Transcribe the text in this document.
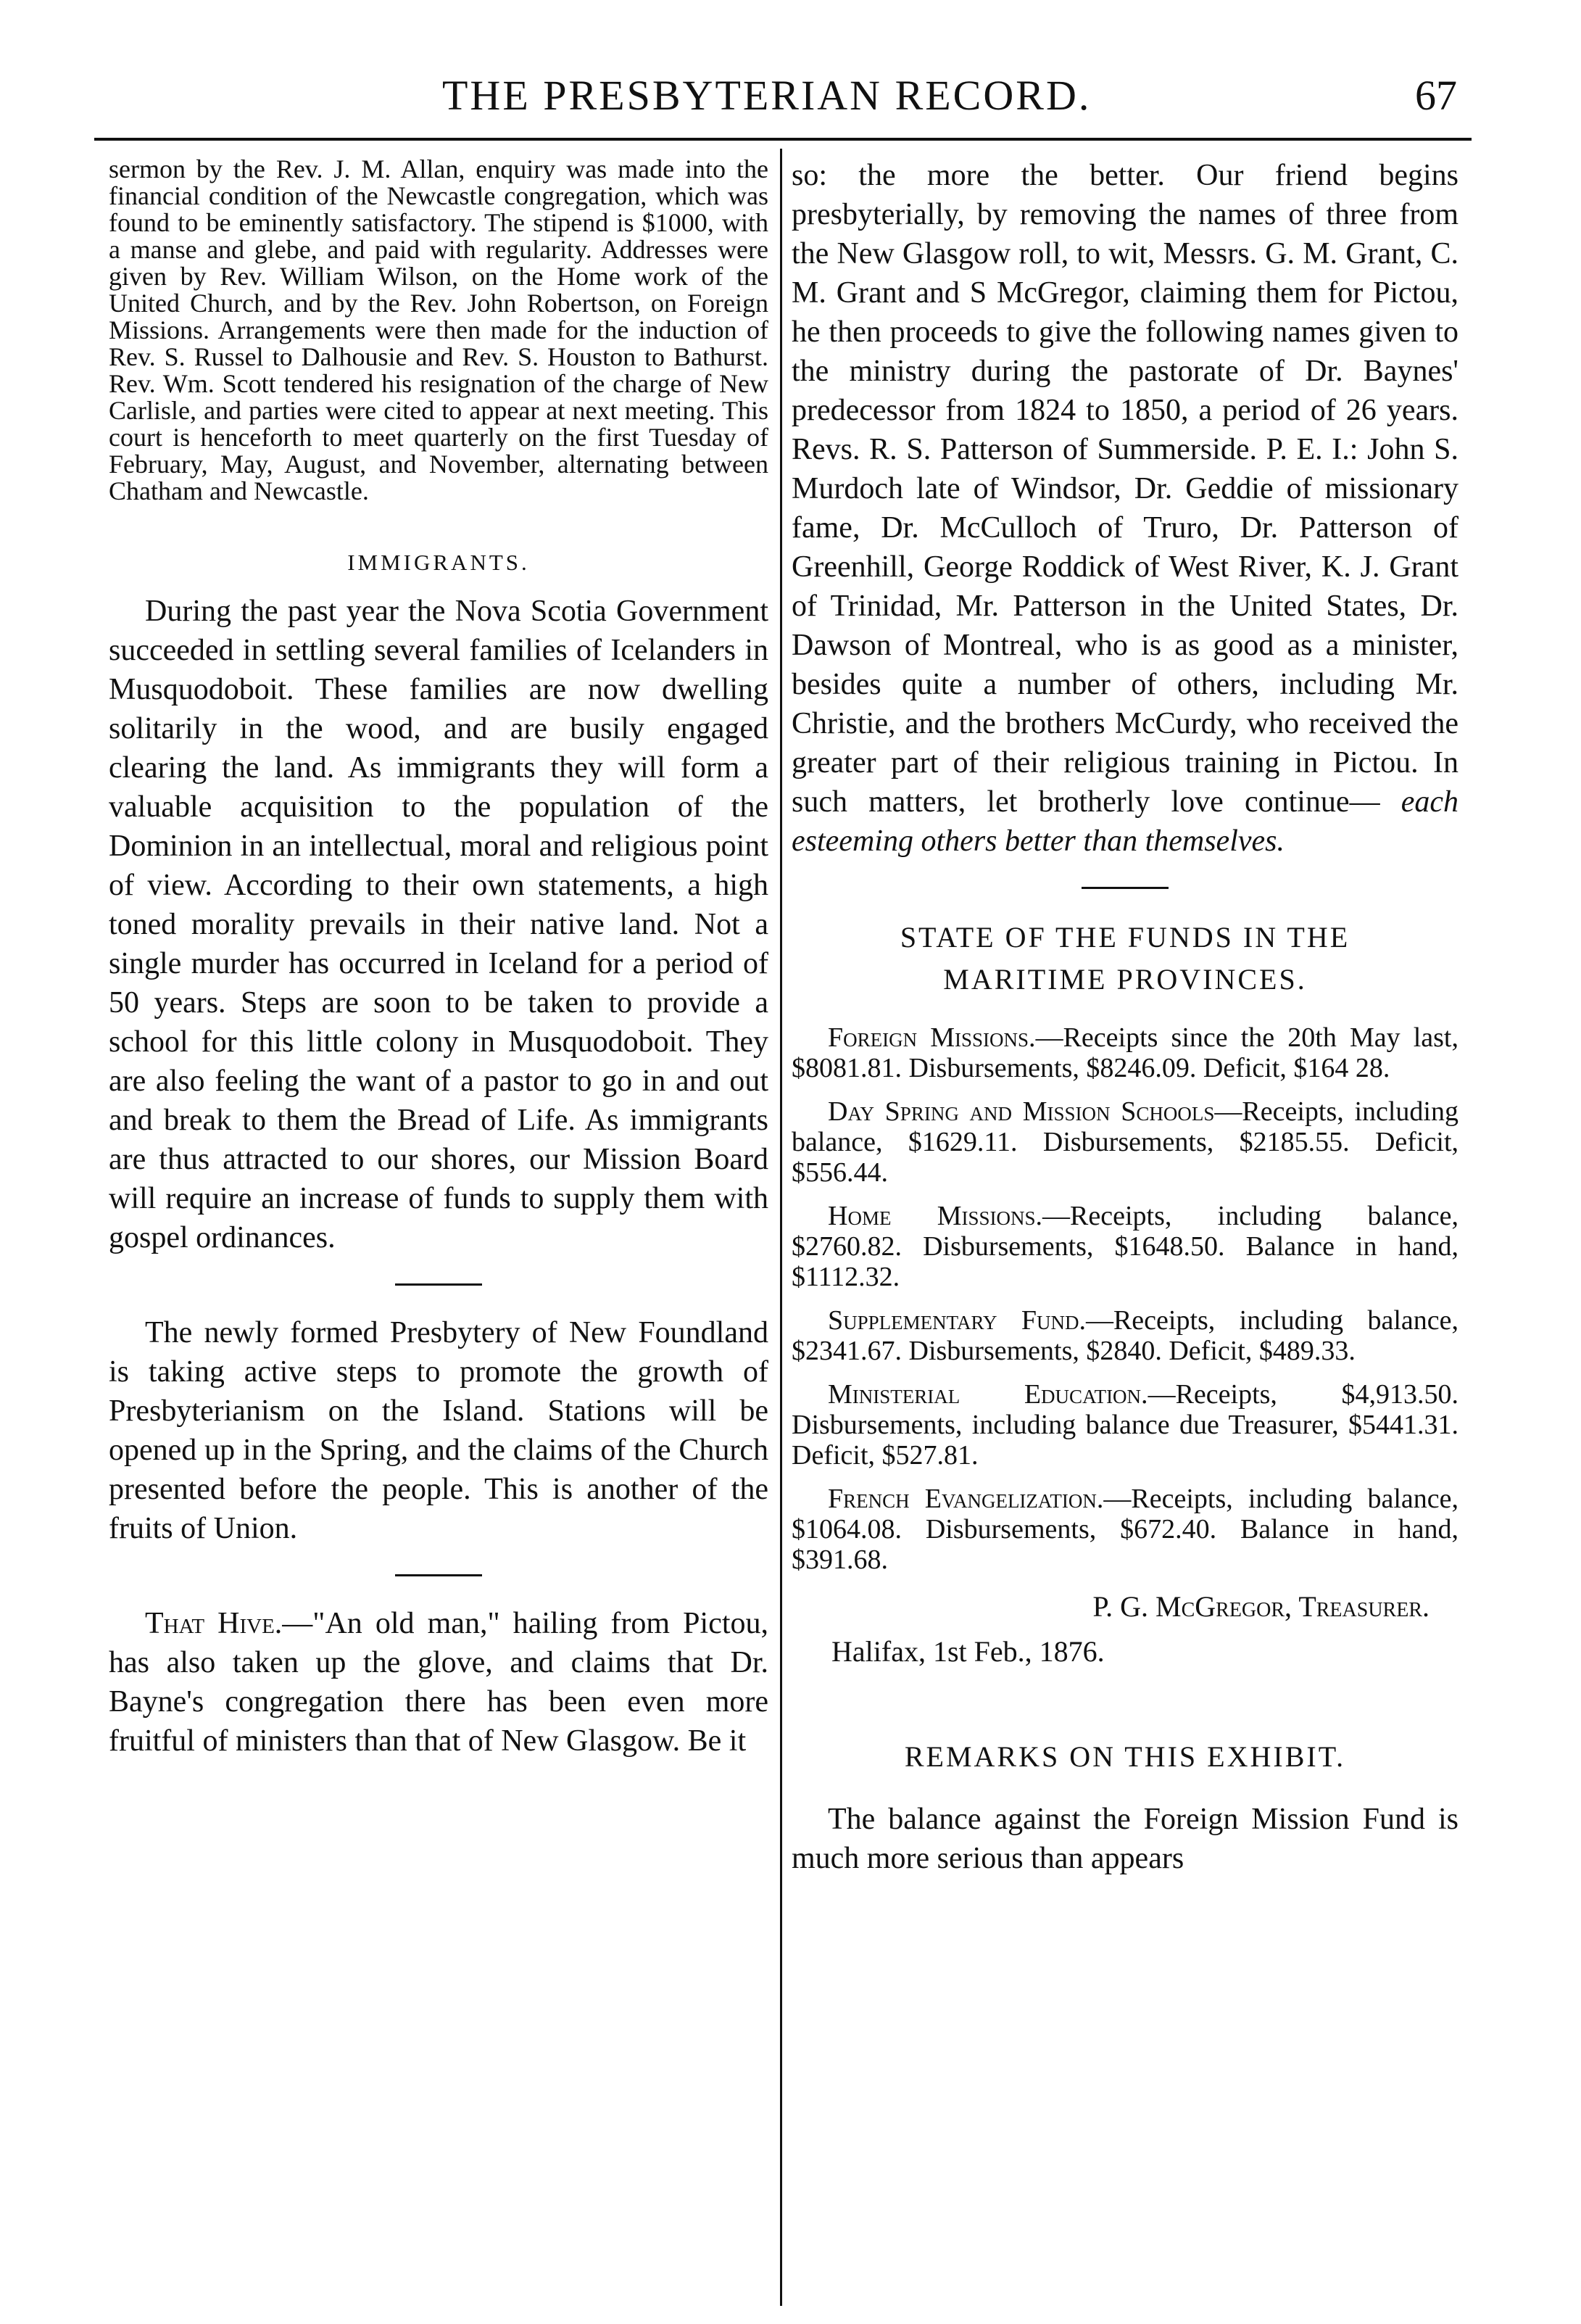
THE PRESBYTERIAN RECORD.	67

sermon by the Rev. J. M. Allan, enquiry was made into the financial condition of the Newcastle congregation, which was found to be eminently satisfactory. The stipend is $1000, with a manse and glebe, and paid with regularity. Addresses were given by Rev. William Wilson, on the Home work of the United Church, and by the Rev. John Robertson, on Foreign Missions. Arrangements were then made for the induction of Rev. S. Russel to Dalhousie and Rev. S. Houston to Bathurst. Rev. Wm. Scott tendered his resignation of the charge of New Carlisle, and parties were cited to appear at next meeting. This court is henceforth to meet quarterly on the first Tuesday of February, May, August, and November, alternating between Chatham and Newcastle.

IMMIGRANTS.

During the past year the Nova Scotia Government succeeded in settling several families of Icelanders in Musquodoboit. These families are now dwelling solitarily in the wood, and are busily engaged clearing the land. As immigrants they will form a valuable acquisition to the population of the Dominion in an intellectual, moral and religious point of view. According to their own statements, a high toned morality prevails in their native land. Not a single murder has occurred in Iceland for a period of 50 years. Steps are soon to be taken to provide a school for this little colony in Musquodoboit. They are also feeling the want of a pastor to go in and out and break to them the Bread of Life. As immigrants are thus attracted to our shores, our Mission Board will require an increase of funds to supply them with gospel ordinances.

The newly formed Presbytery of New Foundland is taking active steps to promote the growth of Presbyterianism on the Island. Stations will be opened up in the Spring, and the claims of the Church presented before the people. This is another of the fruits of Union.

That Hive.—"An old man," hailing from Pictou, has also taken up the glove, and claims that Dr. Bayne's congregation there has been even more fruitful of ministers than that of New Glasgow. Be it

so: the more the better. Our friend begins presbyterially, by removing the names of three from the New Glasgow roll, to wit, Messrs. G. M. Grant, C. M. Grant and S McGregor, claiming them for Pictou, he then proceeds to give the following names given to the ministry during the pastorate of Dr. Baynes' predecessor from 1824 to 1850, a period of 26 years. Revs. R. S. Patterson of Summerside. P. E. I.: John S. Murdoch late of Windsor, Dr. Geddie of missionary fame, Dr. McCulloch of Truro, Dr. Patterson of Greenhill, George Roddick of West River, K. J. Grant of Trinidad, Mr. Patterson in the United States, Dr. Dawson of Montreal, who is as good as a minister, besides quite a number of others, including Mr. Christie, and the brothers McCurdy, who received the greater part of their religious training in Pictou. In such matters, let brotherly love continue— each esteeming others better than themselves.

STATE OF THE FUNDS IN THE
MARITIME PROVINCES.

Foreign Missions.—Receipts since the 20th May last, $8081.81. Disbursements, $8246.09. Deficit, $164 28.

Day Spring and Mission Schools—Receipts, including balance, $1629.11. Disbursements, $2185.55. Deficit, $556.44.

Home Missions.—Receipts, including balance, $2760.82. Disbursements, $1648.50. Balance in hand, $1112.32.

Supplementary Fund.—Receipts, including balance, $2341.67. Disbursements, $2840. Deficit, $489.33.

Ministerial Education.—Receipts, $4,913.50. Disbursements, including balance due Treasurer, $5441.31. Deficit, $527.81.

French Evangelization.—Receipts, including balance, $1064.08. Disbursements, $672.40. Balance in hand, $391.68.

P. G. McGregor, Treasurer.
Halifax, 1st Feb., 1876.
REMARKS ON THIS EXHIBIT.

The balance against the Foreign Mission Fund is much more serious than appears
